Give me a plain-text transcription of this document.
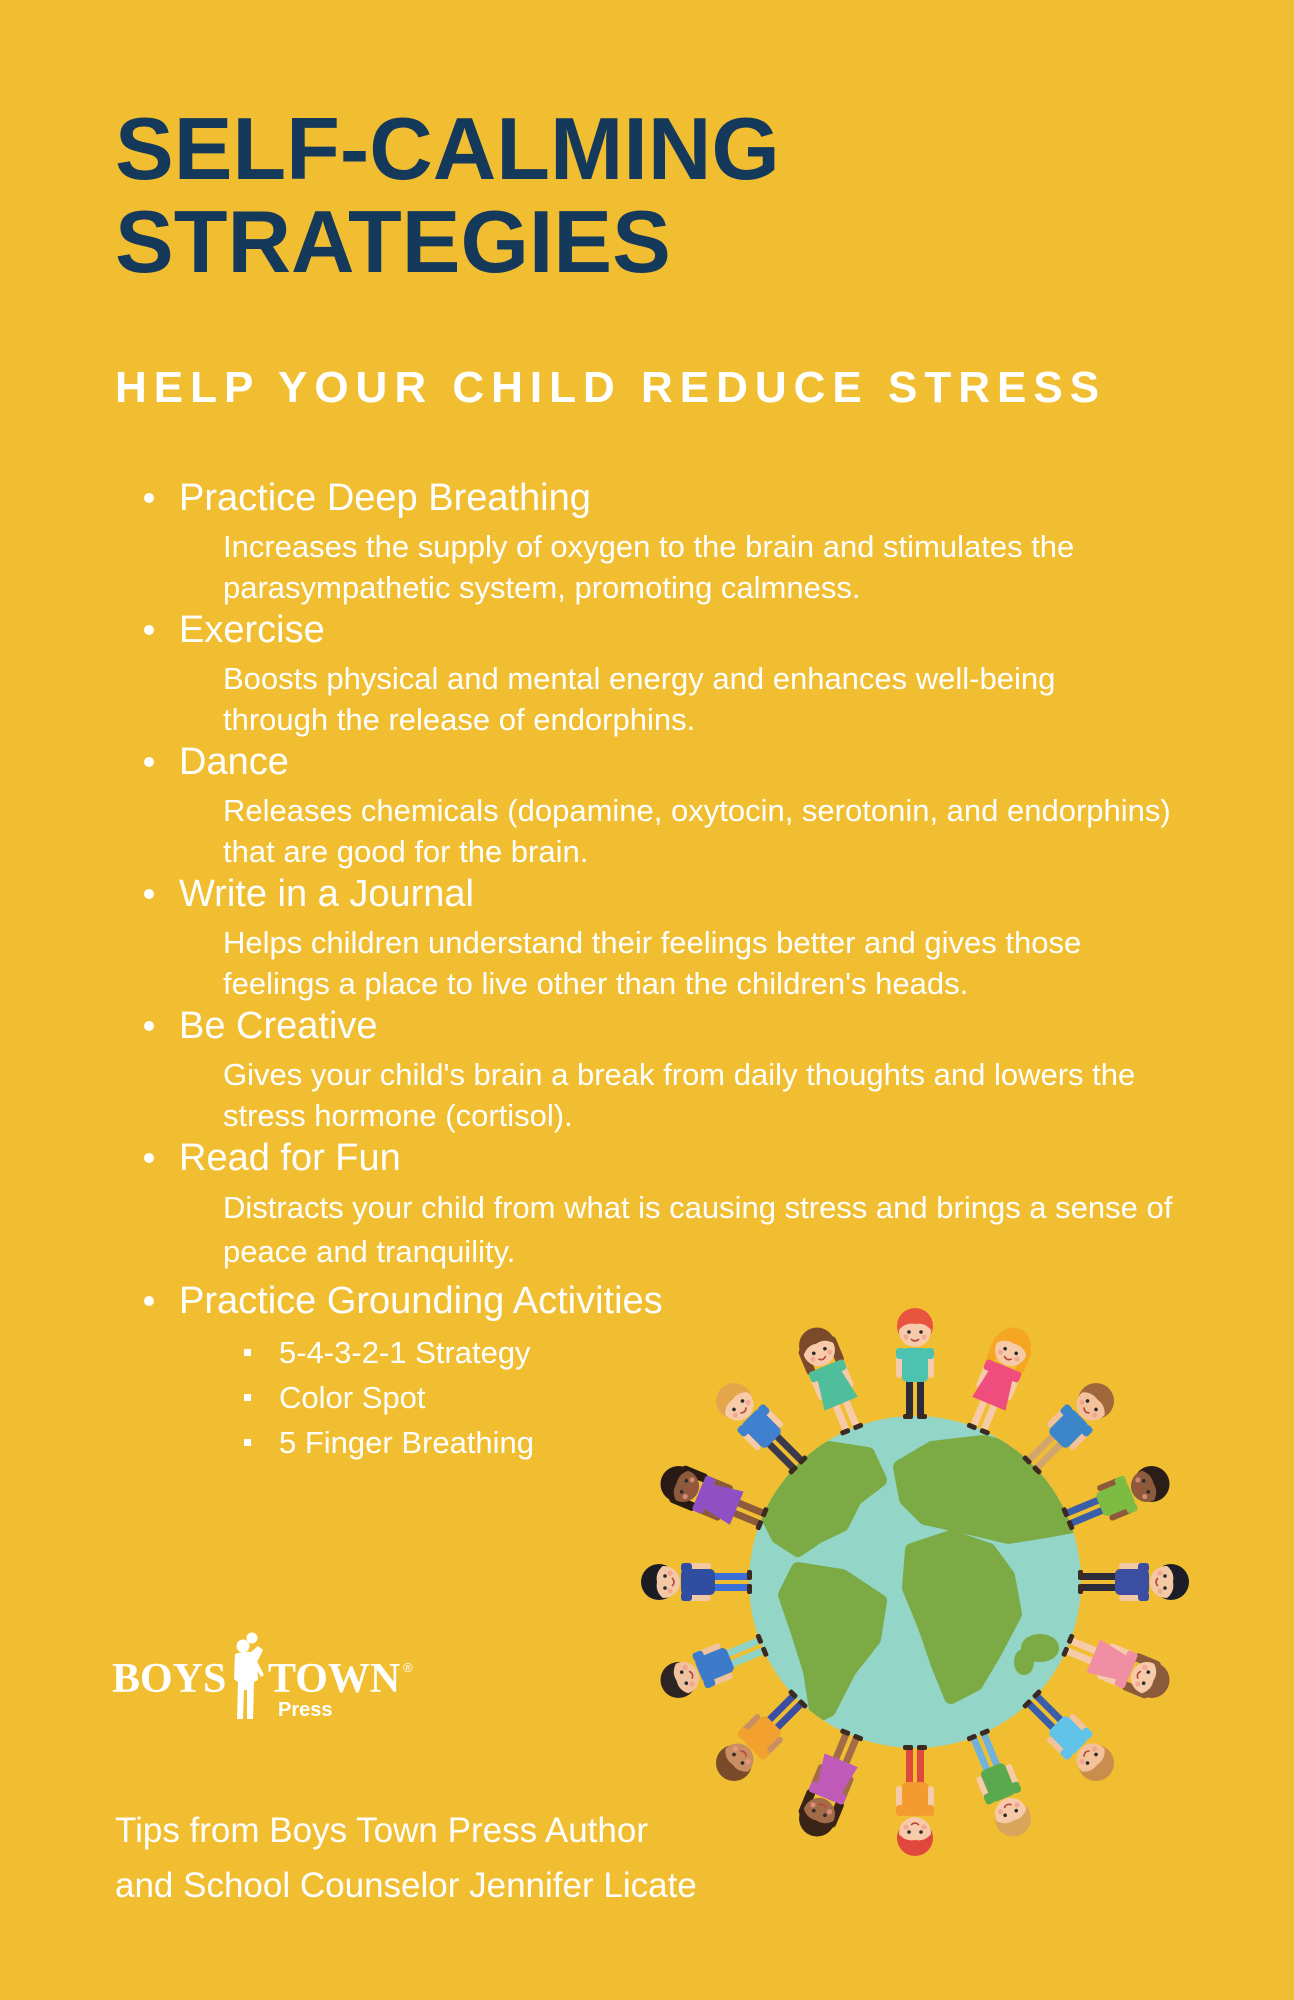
SELF-CALMING STRATEGIES
HELP YOUR CHILD REDUCE STRESS
Practice Deep Breathing
Increases the supply of oxygen to the brain and stimulates the
parasympathetic system, promoting calmness.
Exercise
Boosts physical and mental energy and enhances well-being
through the release of endorphins.
Dance
Releases chemicals (dopamine, oxytocin, serotonin, and endorphins)
that are good for the brain.
Write in a Journal
Helps children understand their feelings better and gives those
feelings a place to live other than the children's heads.
Be Creative
Gives your child's brain a break from daily thoughts and lowers the
stress hormone (cortisol).
Read for Fun
Distracts your child from what is causing stress and brings a sense of
peace and tranquility.
Practice Grounding Activities
5-4-3-2-1 Strategy
Color Spot
5 Finger Breathing
BOYS TOWN ®
Press
Tips from Boys Town Press Author
and School Counselor Jennifer Licate
